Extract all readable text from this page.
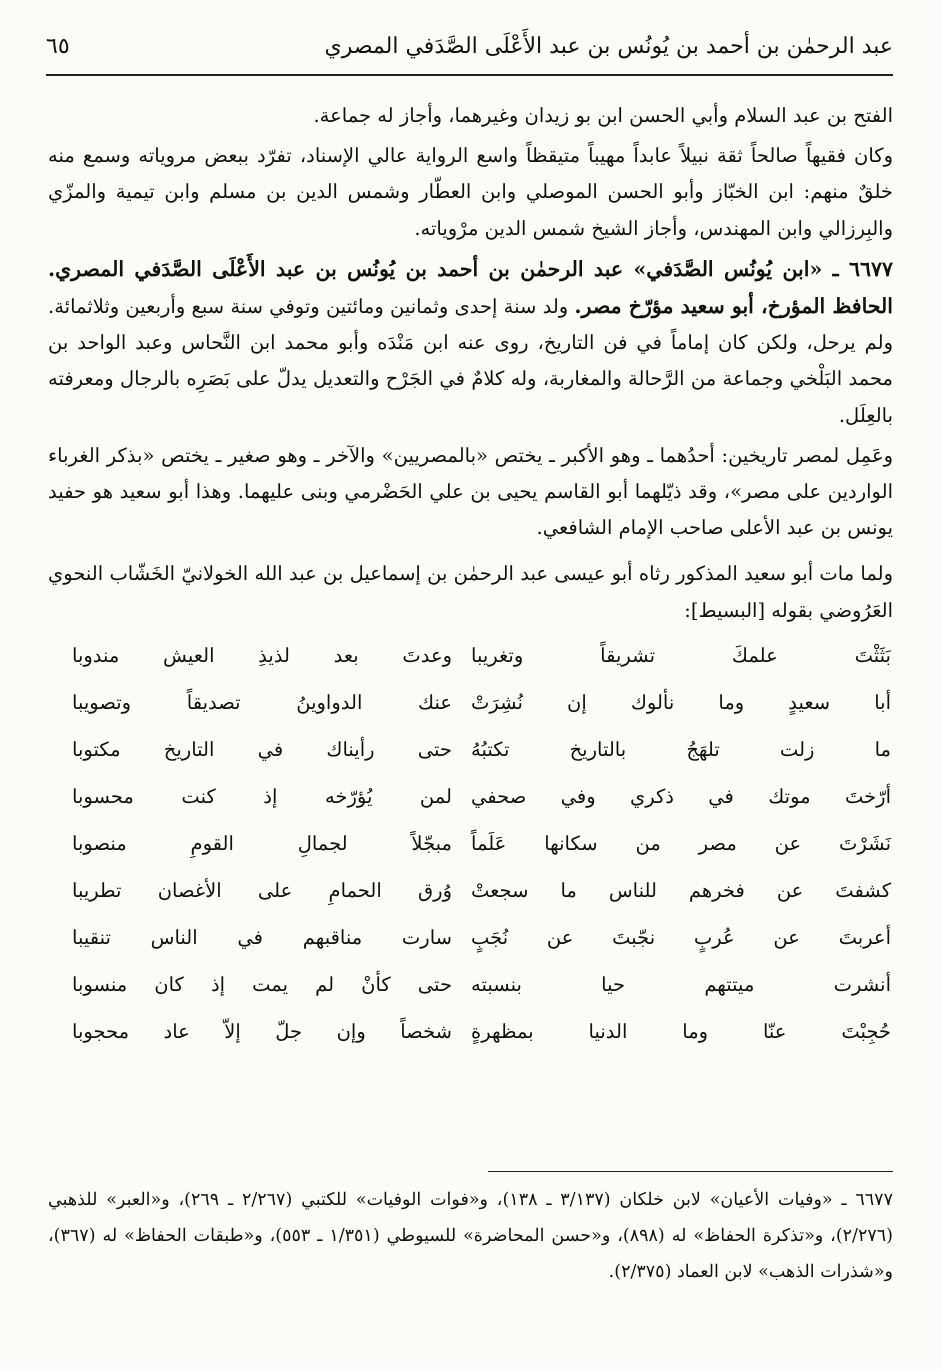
عبد الرحمٰن بن أحمد بن يُونُس بن عبد الأَعْلَى الصَّدَفي المصري
٦٥

الفتح بن عبد السلام وأبي الحسن ابن بو زيدان وغيرهما، وأجاز له جماعة.

وكان فقيهاً صالحاً ثقة نبيلاً عابداً مهيباً متيقظاً واسع الرواية عالي الإسناد، تفرّد ببعض مروياته وسمع منه خلقٌ منهم: ابن الخبّاز وأبو الحسن الموصلي وابن العطّار وشمس الدين بن مسلم وابن تيمية والمزّي والبِرزالي وابن المهندس، وأجاز الشيخ شمس الدين مرْوياته.

٦٦٧٧ ـ «ابن يُونُس الصَّدَفي» عبد الرحمٰن بن أحمد بن يُونُس بن عبد الأَعْلَى الصَّدَفي المصري. الحافظ المؤرخ، أبو سعيد مؤرّخ مصر. ولد سنة إحدى وثمانين ومائتين وتوفي سنة سبع وأربعين وثلاثمائة. ولم يرحل، ولكن كان إماماً في فن التاريخ، روى عنه ابن مَنْدَه وأبو محمد ابن النَّحاس وعبد الواحد بن محمد البَلْخي وجماعة من الرَّحالة والمغاربة، وله كلامٌ في الجَرْح والتعديل يدلّ على بَصَرِه بالرجال ومعرفته بالعِلَل.

وعَمِل لمصر تاريخين: أحدُهما ـ وهو الأكبر ـ يختص «بالمصريين» والآخر ـ وهو صغير ـ يختص «بذكر الغرباء الواردين على مصر»، وقد ذيّلهما أبو القاسم يحيى بن علي الحَضْرمي وبنى عليهما. وهذا أبو سعيد هو حفيد يونس بن عبد الأعلى صاحب الإمام الشافعي.

ولما مات أبو سعيد المذكور رثاه أبو عيسى عبد الرحمٰن بن إسماعيل بن عبد الله الخولانيّ الخَشّاب النحوي العَرُوضي بقوله [البسيط]:

بَثَثْتَ علمكَ تشريقاً وتغريبا
وعدتَ بعد لذيذِ العيش مندوبا
أبا سعيدٍ وما نألوك إن نُشِرَتْ
عنك الدواوينُ تصديقاً وتصويبا
ما زلت تلهَجُ بالتاريخ تكتبُهُ
حتى رأيناك في التاريخ مكتوبا
أرّختَ موتك في ذكري وفي صحفي
لمن يُؤرّخه إذ كنت محسوبا
نَشَرْتَ عن مصر من سكانها عَلَماً
مبجّلاً لجمالِ القومِ منصوبا
كشفتَ عن فخرهم للناس ما سجعتْ
وُرق الحمامِ على الأغصان تطريبا
أعربتَ عن عُربٍ نجّبتَ عن نُجَبٍ
سارت مناقبهم في الناس تنقيبا
أنشرت ميتتهم حيا بنسبته
حتى كأنْ لم يمت إذ كان منسوبا
حُجِبْتَ عنّا وما الدنيا بمظهرةٍ
شخصاً وإن جلّ إلاّ عاد محجوبا

٦٦٧٧ ـ «وفيات الأعيان» لابن خلكان (٣/١٣٧ ـ ١٣٨)، و«فوات الوفيات» للكتبي (٢/٢٦٧ ـ ٢٦٩)، و«العبر» للذهبي (٢/٢٧٦)، و«تذكرة الحفاظ» له (٨٩٨)، و«حسن المحاضرة» للسيوطي (١/٣٥١ ـ ٥٥٣)، و«طبقات الحفاظ» له (٣٦٧)، و«شذرات الذهب» لابن العماد (٢/٣٧٥).
